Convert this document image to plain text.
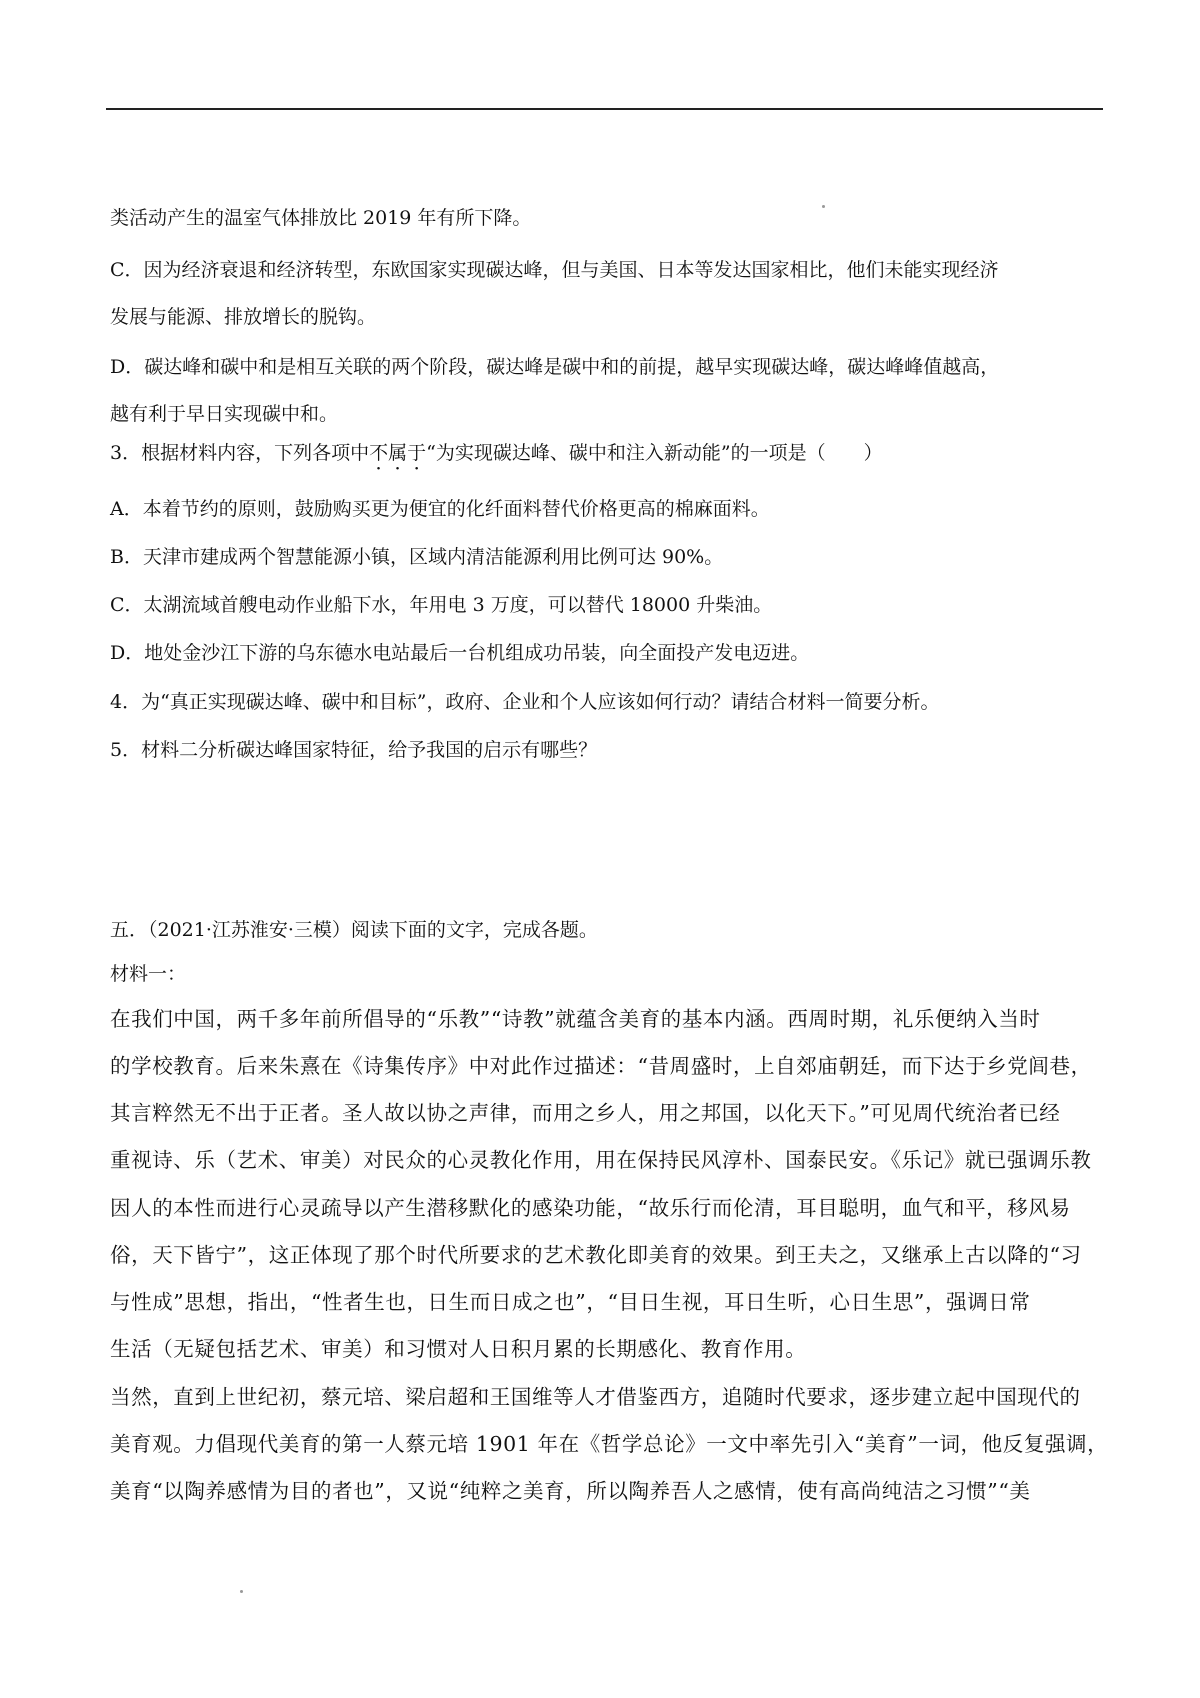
类活动产生的温室气体排放比 2019 年有所下降。
C．因为经济衰退和经济转型，东欧国家实现碳达峰，但与美国、日本等发达国家相比，他们未能实现经济
发展与能源、排放增长的脱钩。
D．碳达峰和碳中和是相互关联的两个阶段，碳达峰是碳中和的前提，越早实现碳达峰，碳达峰峰值越高，
越有利于早日实现碳中和。
3．根据材料内容，下列各项中不属于“为实现碳达峰、碳中和注入新动能”的一项是（　　）
A．本着节约的原则，鼓励购买更为便宜的化纤面料替代价格更高的棉麻面料。
B．天津市建成两个智慧能源小镇，区域内清洁能源利用比例可达 90%。
C．太湖流域首艘电动作业船下水，年用电 3 万度，可以替代 18000 升柴油。
D．地处金沙江下游的乌东德水电站最后一台机组成功吊装，向全面投产发电迈进。
4．为“真正实现碳达峰、碳中和目标”，政府、企业和个人应该如何行动？请结合材料一简要分析。
5．材料二分析碳达峰国家特征，给予我国的启示有哪些？
五．（2021·江苏淮安·三模）阅读下面的文字，完成各题。
材料一：
在我们中国，两千多年前所倡导的“乐教”“诗教”就蕴含美育的基本内涵。西周时期，礼乐便纳入当时
的学校教育。后来朱熹在《诗集传序》中对此作过描述：“昔周盛时，上自郊庙朝廷，而下达于乡党闾巷，
其言粹然无不出于正者。圣人故以协之声律，而用之乡人，用之邦国，以化天下。”可见周代统治者已经
重视诗、乐（艺术、审美）对民众的心灵教化作用，用在保持民风淳朴、国泰民安。《乐记》就已强调乐教
因人的本性而进行心灵疏导以产生潜移默化的感染功能，“故乐行而伦清，耳目聪明，血气和平，移风易
俗，天下皆宁”，这正体现了那个时代所要求的艺术教化即美育的效果。到王夫之，又继承上古以降的“习
与性成”思想，指出，“性者生也，日生而日成之也”，“目日生视，耳日生听，心日生思”，强调日常
生活（无疑包括艺术、审美）和习惯对人日积月累的长期感化、教育作用。
当然，直到上世纪初，蔡元培、梁启超和王国维等人才借鉴西方，追随时代要求，逐步建立起中国现代的
美育观。力倡现代美育的第一人蔡元培 1901 年在《哲学总论》一文中率先引入“美育”一词，他反复强调，
美育“以陶养感情为目的者也”，又说“纯粹之美育，所以陶养吾人之感情，使有高尚纯洁之习惯”“美
